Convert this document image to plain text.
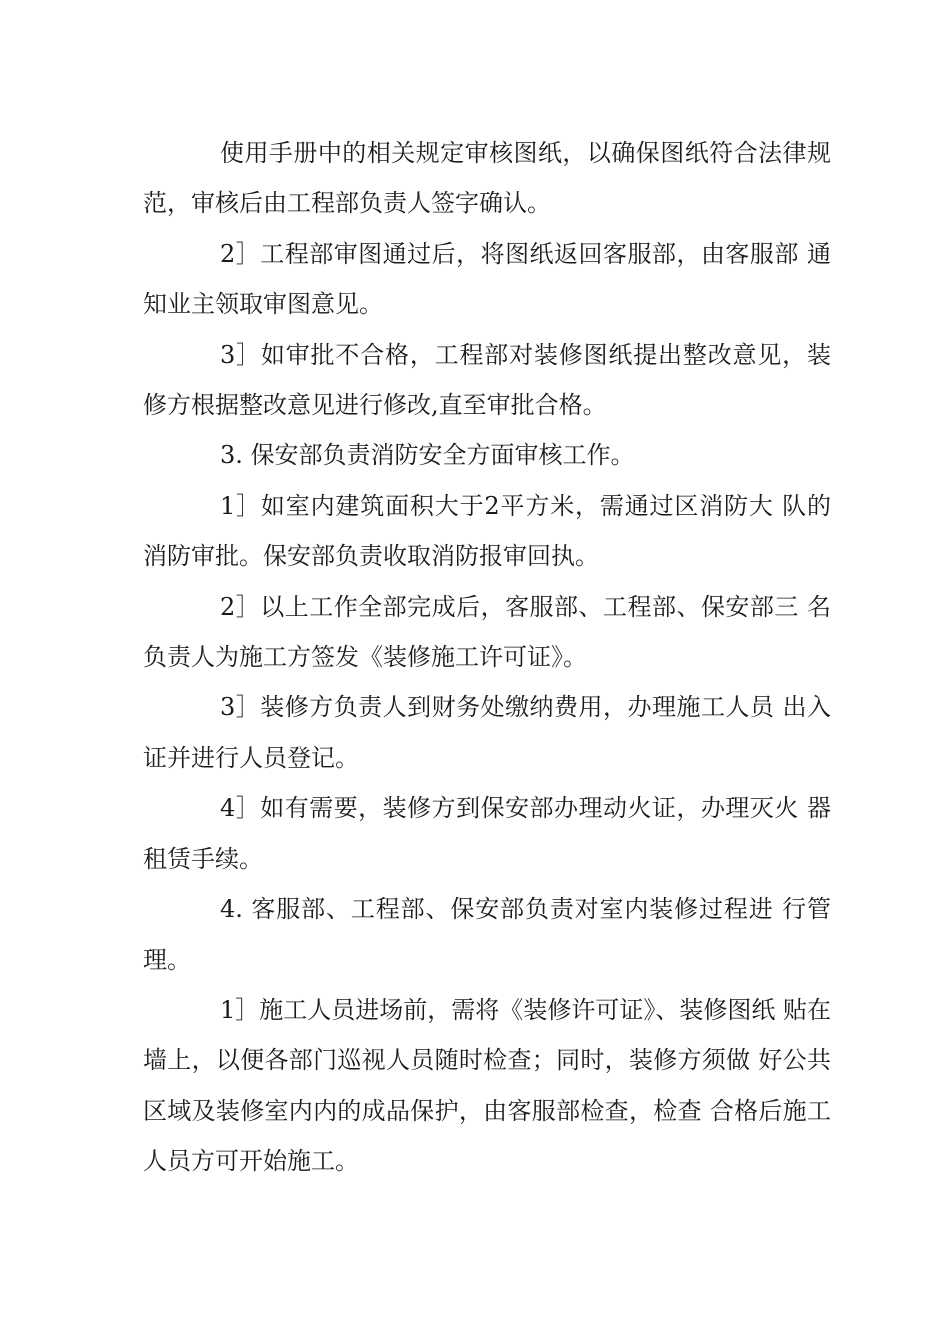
使用手册中的相关规定审核图纸，以确保图纸符合法律规范，审核后由工程部负责人签字确认。

2］工程部审图通过后，将图纸返回客服部，由客服部 通知业主领取审图意见。

3］如审批不合格，工程部对装修图纸提出整改意见，装修方根据整改意见进行修改,直至审批合格。

3. 保安部负责消防安全方面审核工作。

1］如室内建筑面积大于2平方米，需通过区消防大 队的消防审批。保安部负责收取消防报审回执。

2］以上工作全部完成后，客服部、工程部、保安部三 名负责人为施工方签发《装修施工许可证》。

3］装修方负责人到财务处缴纳费用，办理施工人员 出入证并进行人员登记。

4］如有需要，装修方到保安部办理动火证，办理灭火 器租赁手续。

4. 客服部、工程部、保安部负责对室内装修过程进 行管理。

1］施工人员进场前，需将《装修许可证》、装修图纸 贴在墙上，以便各部门巡视人员随时检查；同时，装修方须做 好公共区域及装修室内内的成品保护，由客服部检查，检查 合格后施工人员方可开始施工。
